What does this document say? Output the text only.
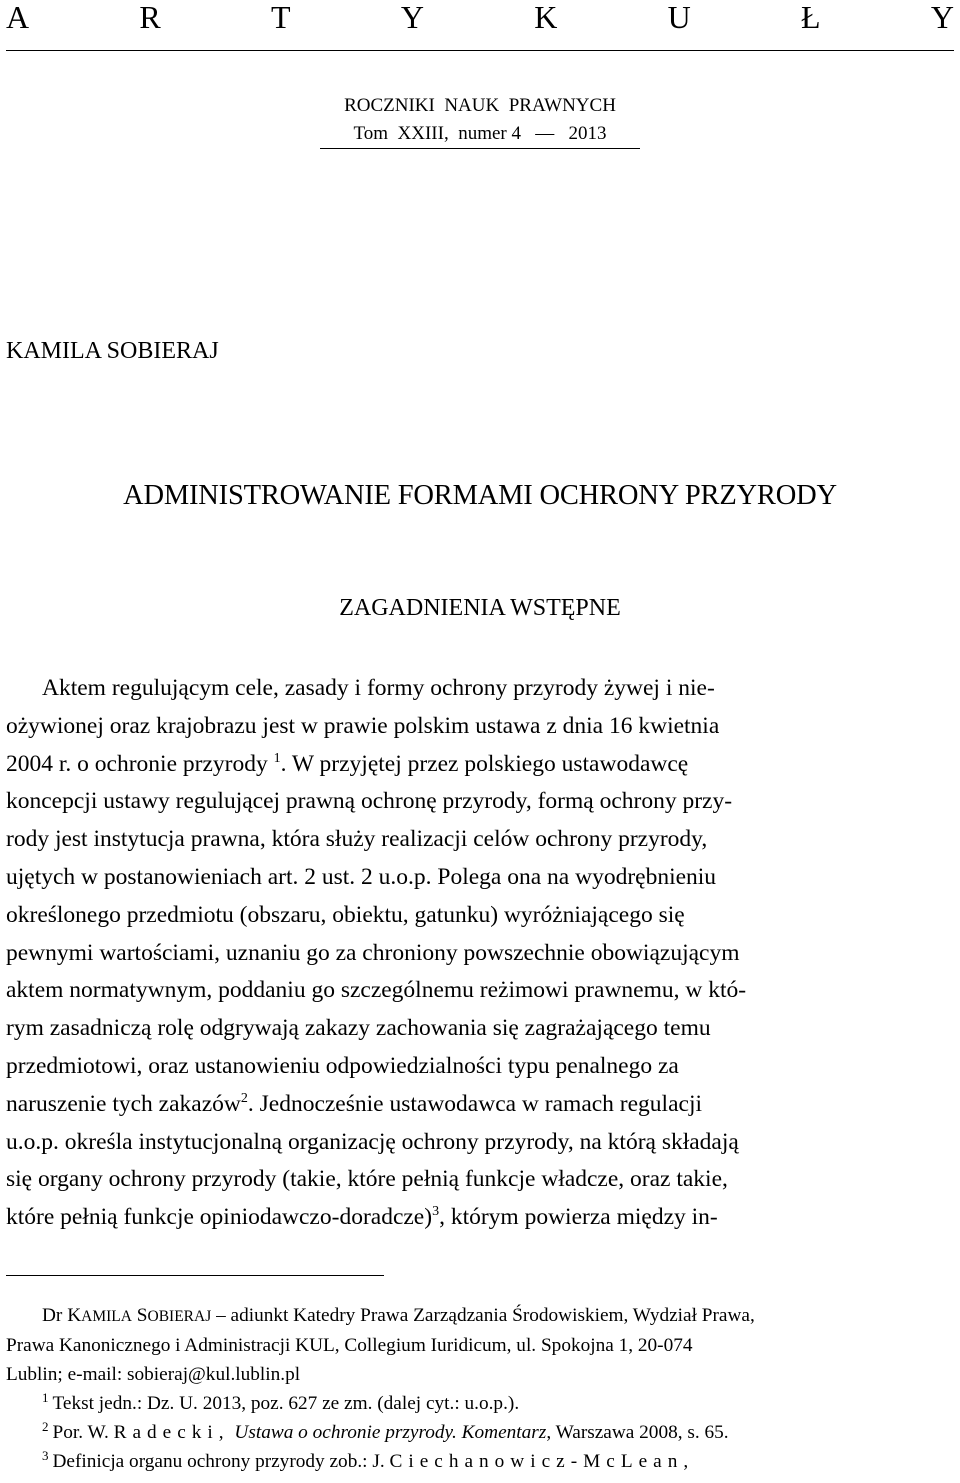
A	R	T	Y	K	U	Ł	Y
ROCZNIKI  NAUK  PRAWNYCH
Tom  XXIII,  numer 4   —   2013
KAMILA SOBIERAJ
ADMINISTROWANIE FORMAMI OCHRONY PRZYRODY
ZAGADNIENIA WSTĘPNE
Aktem regulującym cele, zasady i formy ochrony przyrody żywej i nie-
ożywionej oraz krajobrazu jest w prawie polskim ustawa z dnia 16 kwietnia
2004 r. o ochronie przyrody $^1$. W przyjętej przez polskiego ustawodawcę
koncepcji ustawy regulującej prawną ochronę przyrody, formą ochrony przy-
rody jest instytucja prawna, która służy realizacji celów ochrony przyrody,
ujętych w postanowieniach art. 2 ust. 2 u.o.p. Polega ona na wyodrębnieniu
określonego przedmiotu (obszaru, obiektu, gatunku) wyróżniającego się
pewnymi wartościami, uznaniu go za chroniony powszechnie obowiązującym
aktem normatywnym, poddaniu go szczególnemu reżimowi prawnemu, w któ-
rym zasadniczą rolę odgrywają zakazy zachowania się zagrażającego temu
przedmiotowi, oraz ustanowieniu odpowiedzialności typu penalnego za
naruszenie tych zakazów$^2$. Jednocześnie ustawodawca w ramach regulacji
u.o.p. określa instytucjonalną organizację ochrony przyrody, na którą składają
się organy ochrony przyrody (takie, które pełnią funkcje władcze, oraz takie,
które pełnią funkcje opiniodawczo-doradcze)$^3$, którym powierza między in-
Dr KAMILA SOBIERAJ – adiunkt Katedry Prawa Zarządzania Środowiskiem, Wydział Prawa,
Prawa Kanonicznego i Administracji KUL, Collegium Iuridicum, ul. Spokojna 1, 20-074
Lublin; e-mail: sobieraj@kul.lublin.pl
$^1$ Tekst jedn.: Dz. U. 2013, poz. 627 ze zm. (dalej cyt.: u.o.p.).
$^2$ Por. W. Radecki, Ustawa o ochronie przyrody. Komentarz, Warszawa 2008, s. 65.
$^3$ Definicja organu ochrony przyrody zob.: J. Ciechanowicz-McLean,
